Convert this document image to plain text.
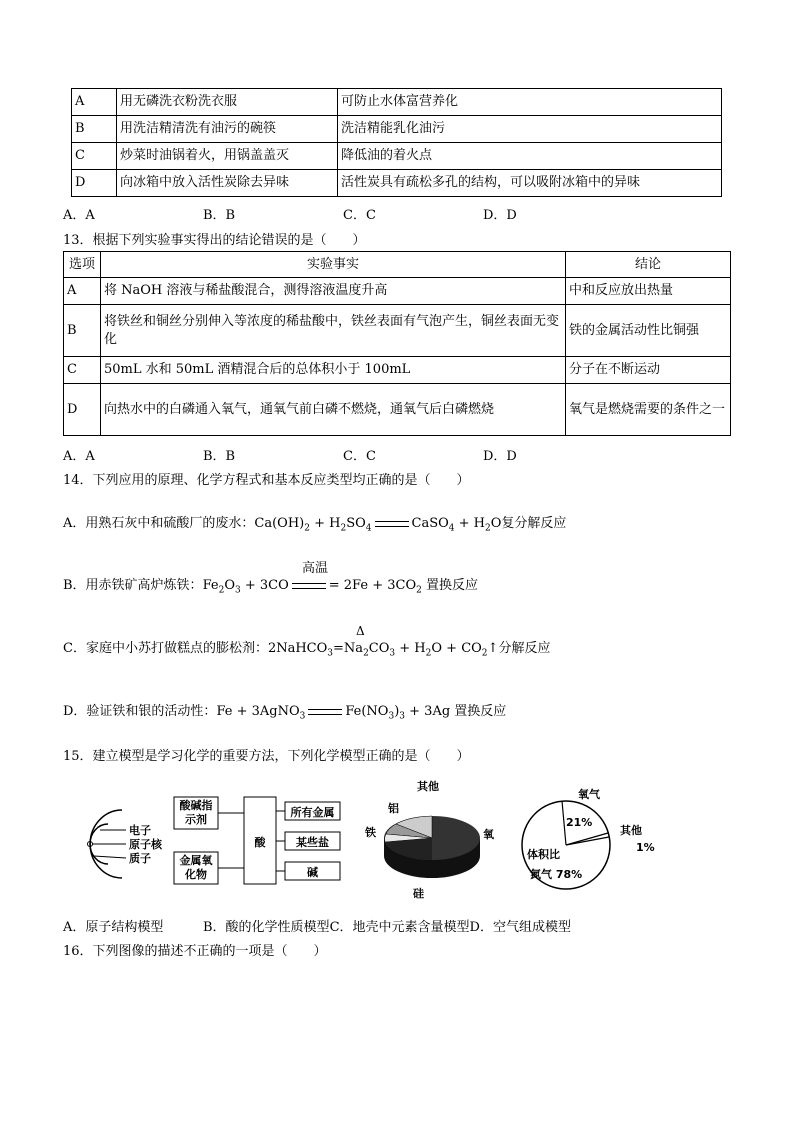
A	用无磷洗衣粉洗衣服	可防止水体富营养化
B	用洗洁精清洗有油污的碗筷	洗洁精能乳化油污
C	炒菜时油锅着火，用锅盖盖灭	降低油的着火点
D	向冰箱中放入活性炭除去异味	活性炭具有疏松多孔的结构，可以吸附冰箱中的异味
A．A	B．B	C．C	D．D
13．根据下列实验事实得出的结论错误的是（　　）
选项	实验事实	结论
A	将 NaOH 溶液与稀盐酸混合，测得溶液温度升高	中和反应放出热量
B	将铁丝和铜丝分别伸入等浓度的稀盐酸中，铁丝表面有气泡产生，铜丝表面无变化	铁的金属活动性比铜强
C	50mL 水和 50mL 酒精混合后的总体积小于 100mL	分子在不断运动
D	向热水中的白磷通入氧气，通氧气前白磷不燃烧，通氧气后白磷燃烧	氧气是燃烧需要的条件之一
A．A	B．B	C．C	D．D
14．下列应用的原理、化学方程式和基本反应类型均正确的是（　　）
A．用熟石灰中和硫酸厂的废水：$Ca(OH)_2 + H_2SO_4$	CaSO$_4$ + $H_2O$复分解反应
高温
B．用赤铁矿高炉炼铁：$Fe_2O_3 + 3CO$	= $2Fe + 3CO_2$ 置换反应
Δ
C．家庭中小苏打做糕点的膨松剂：$2NaHCO_3=Na_2CO_3 + H_2O$ + $CO_2↑$分解反应
D．验证铁和银的活动性：Fe + 3AgNO$_3$	$Fe(NO_3)_3 + 3Ag$ 置换反应
15．建立模型是学习化学的重要方法，下列化学模型正确的是（　　）
电子
原子核
质子
酸碱指示剂
金属氧化物
酸
所有金属
某些盐
碱
其他
铝
铁	氧
硅
氧气
21%
其他
1%
体积比
氮气 78%
A．原子结构模型	B．酸的化学性质模型C．地壳中元素含量模型D．空气组成模型
16．下列图像的描述不正确的一项是（　　）
